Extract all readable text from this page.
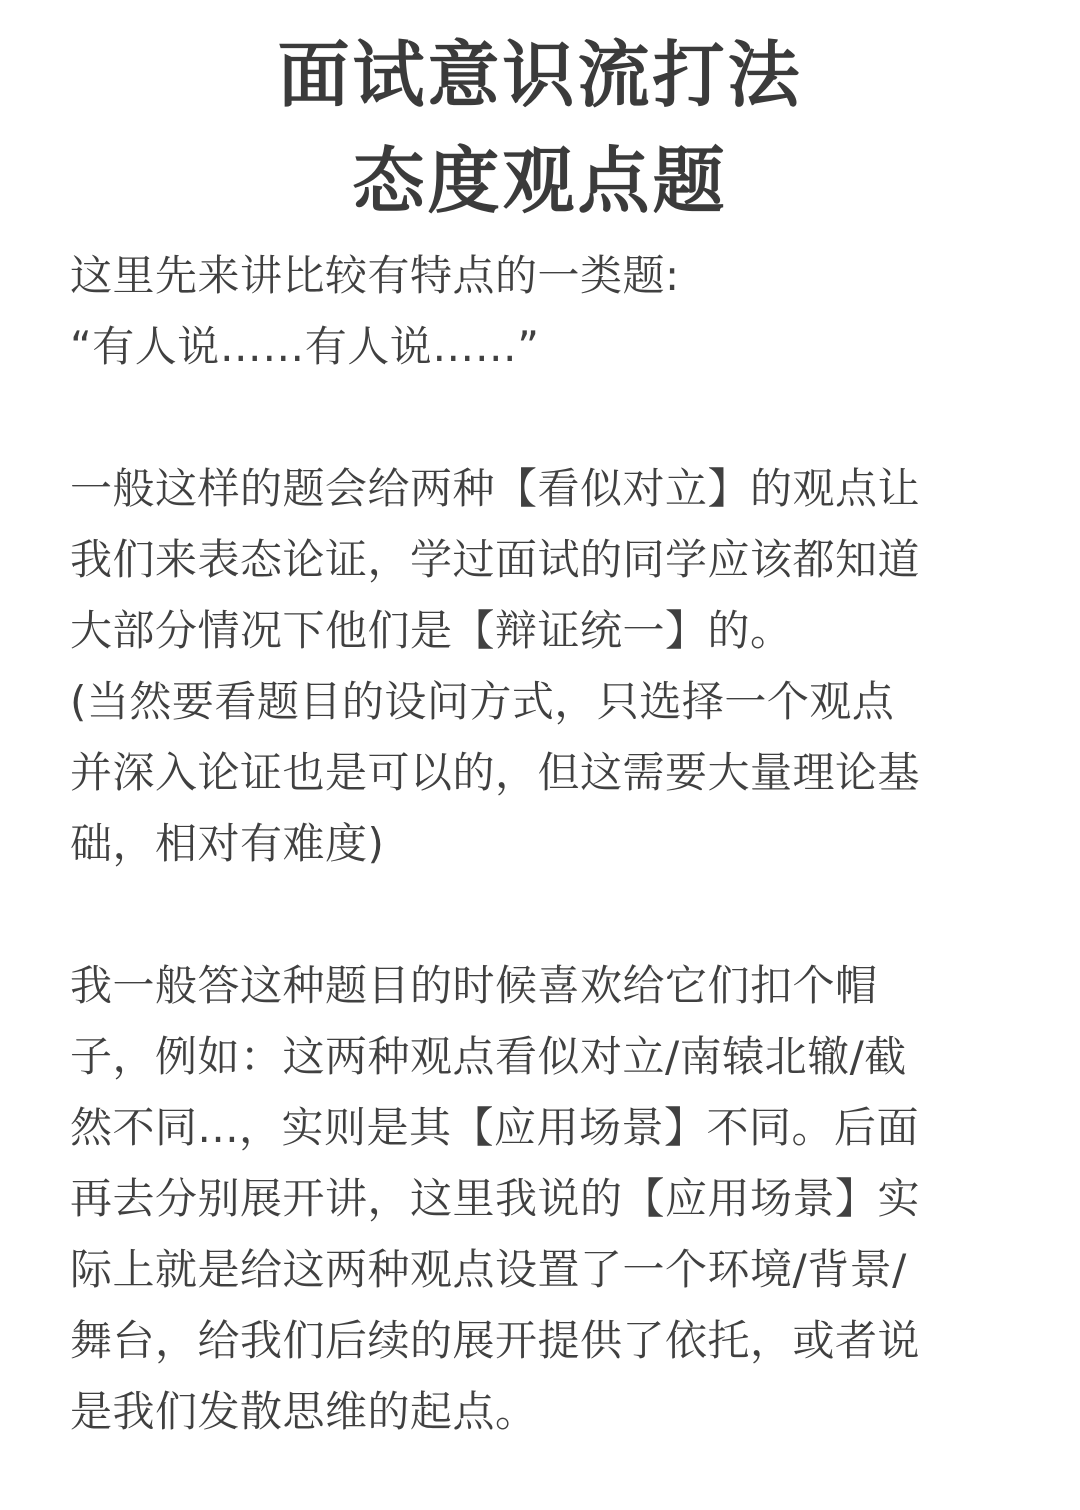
面试意识流打法
态度观点题
这里先来讲比较有特点的一类题:
“有人说……有人说……”
一般这样的题会给两种【看似对立】的观点让
我们来表态论证，学过面试的同学应该都知道
大部分情况下他们是【辩证统一】的。
(当然要看题目的设问方式，只选择一个观点
并深入论证也是可以的，但这需要大量理论基
础，相对有难度)
我一般答这种题目的时候喜欢给它们扣个帽
子，例如：这两种观点看似对立/南辕北辙/截
然不同...，实则是其【应用场景】不同。后面
再去分别展开讲，这里我说的【应用场景】实
际上就是给这两种观点设置了一个环境/背景/
舞台，给我们后续的展开提供了依托，或者说
是我们发散思维的起点。
